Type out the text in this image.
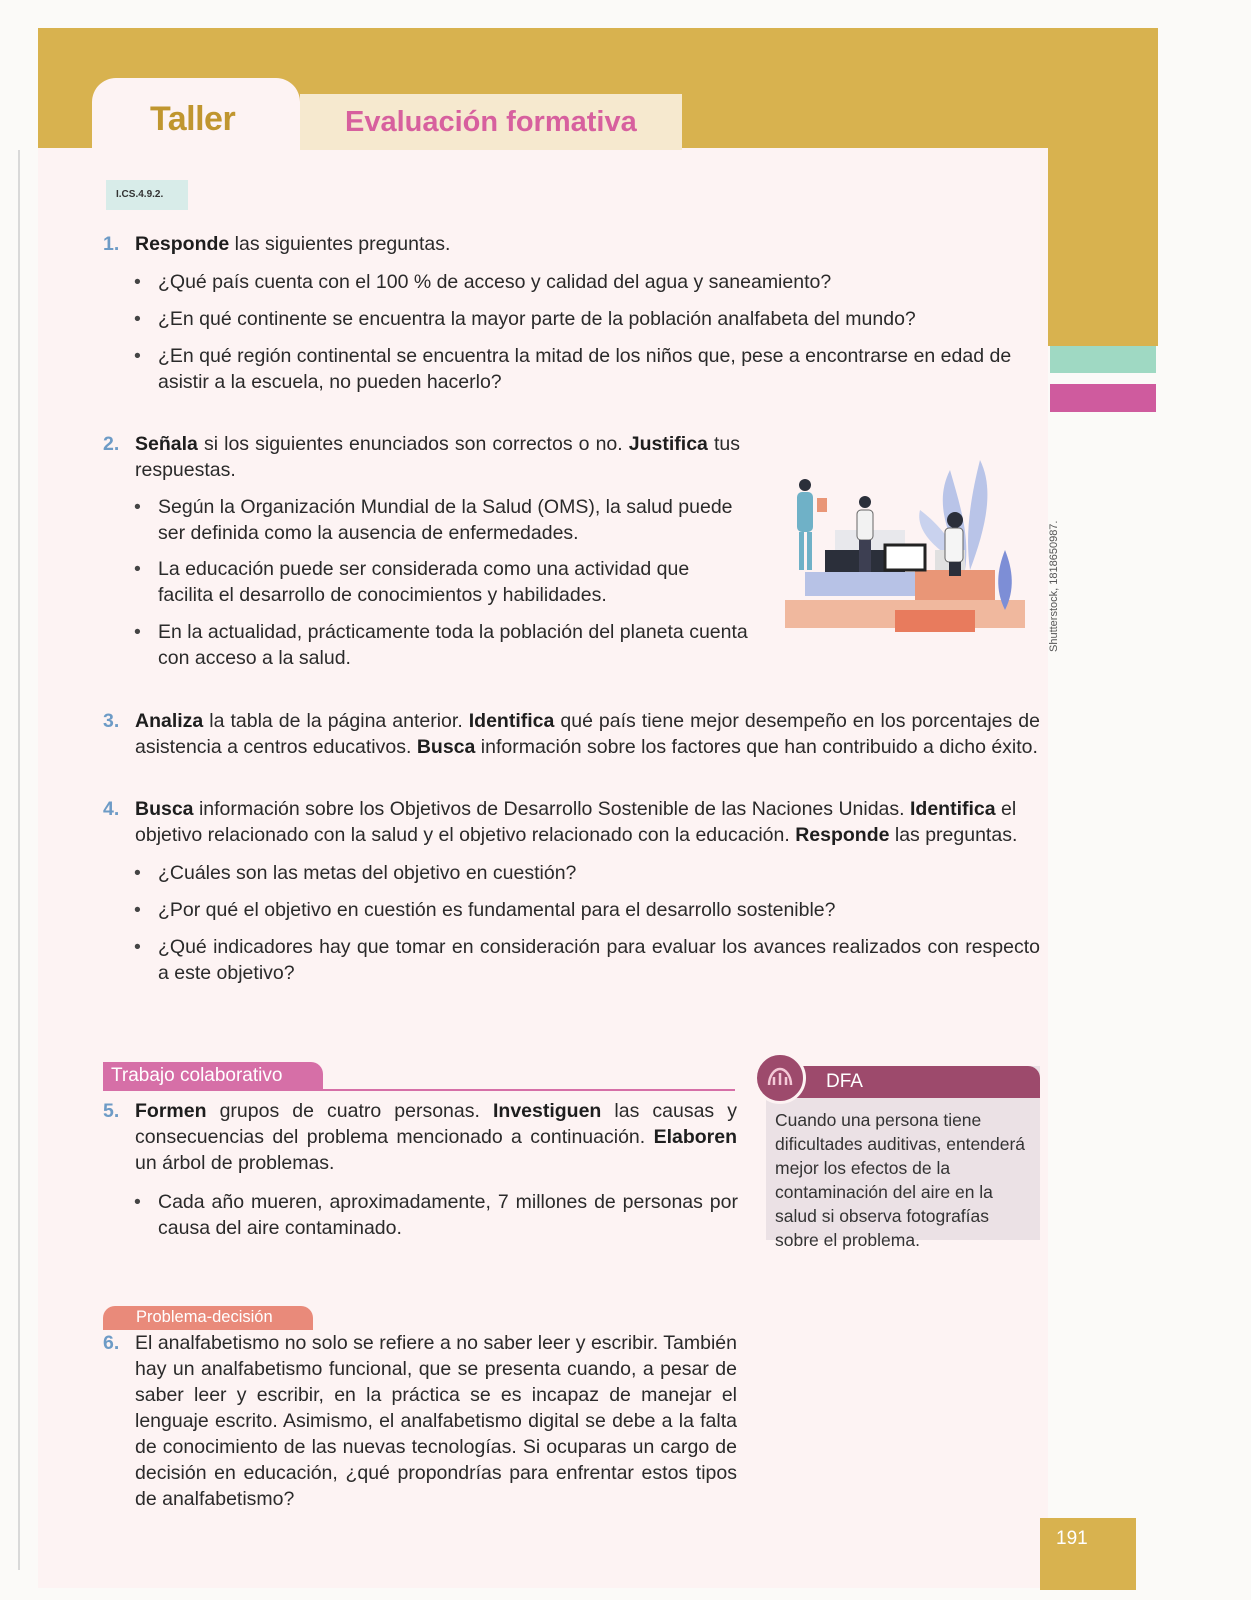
Taller	Evaluación formativa
I.CS.4.9.2.
1. Responde las siguientes preguntas.
• ¿Qué país cuenta con el 100 % de acceso y calidad del agua y saneamiento?
• ¿En qué continente se encuentra la mayor parte de la población analfabeta del mundo?
• ¿En qué región continental se encuentra la mitad de los niños que, pese a encontrarse en edad de asistir a la escuela, no pueden hacerlo?
2. Señala si los siguientes enunciados son correctos o no. Justifica tus respuestas.
• Según la Organización Mundial de la Salud (OMS), la salud puede ser definida como la ausencia de enfermedades.
• La educación puede ser considerada como una actividad que facilita el desarrollo de conocimientos y habilidades.
• En la actualidad, prácticamente toda la población del planeta cuenta con acceso a la salud.
Shutterstock, 1818650987.
3. Analiza la tabla de la página anterior. Identifica qué país tiene mejor desempeño en los porcentajes de asistencia a centros educativos. Busca información sobre los factores que han contribuido a dicho éxito.
4. Busca información sobre los Objetivos de Desarrollo Sostenible de las Naciones Unidas. Identifica el objetivo relacionado con la salud y el objetivo relacionado con la educación. Responde las preguntas.
• ¿Cuáles son las metas del objetivo en cuestión?
• ¿Por qué el objetivo en cuestión es fundamental para el desarrollo sostenible?
• ¿Qué indicadores hay que tomar en consideración para evaluar los avances realizados con respecto a este objetivo?
Trabajo colaborativo
5. Formen grupos de cuatro personas. Investiguen las causas y consecuencias del problema mencionado a continuación. Elaboren un árbol de problemas.
• Cada año mueren, aproximadamente, 7 millones de personas por causa del aire contaminado.
DFA
Cuando una persona tiene dificultades auditivas, entenderá mejor los efectos de la contaminación del aire en la salud si observa fotografías sobre el problema.
Problema-decisión
6. El analfabetismo no solo se refiere a no saber leer y escribir. También hay un analfabetismo funcional, que se presenta cuando, a pesar de saber leer y escribir, en la práctica se es incapaz de manejar el lenguaje escrito. Asimismo, el analfabetismo digital se debe a la falta de conocimiento de las nuevas tecnologías. Si ocuparas un cargo de decisión en educación, ¿qué propondrías para enfrentar estos tipos de analfabetismo?
191
